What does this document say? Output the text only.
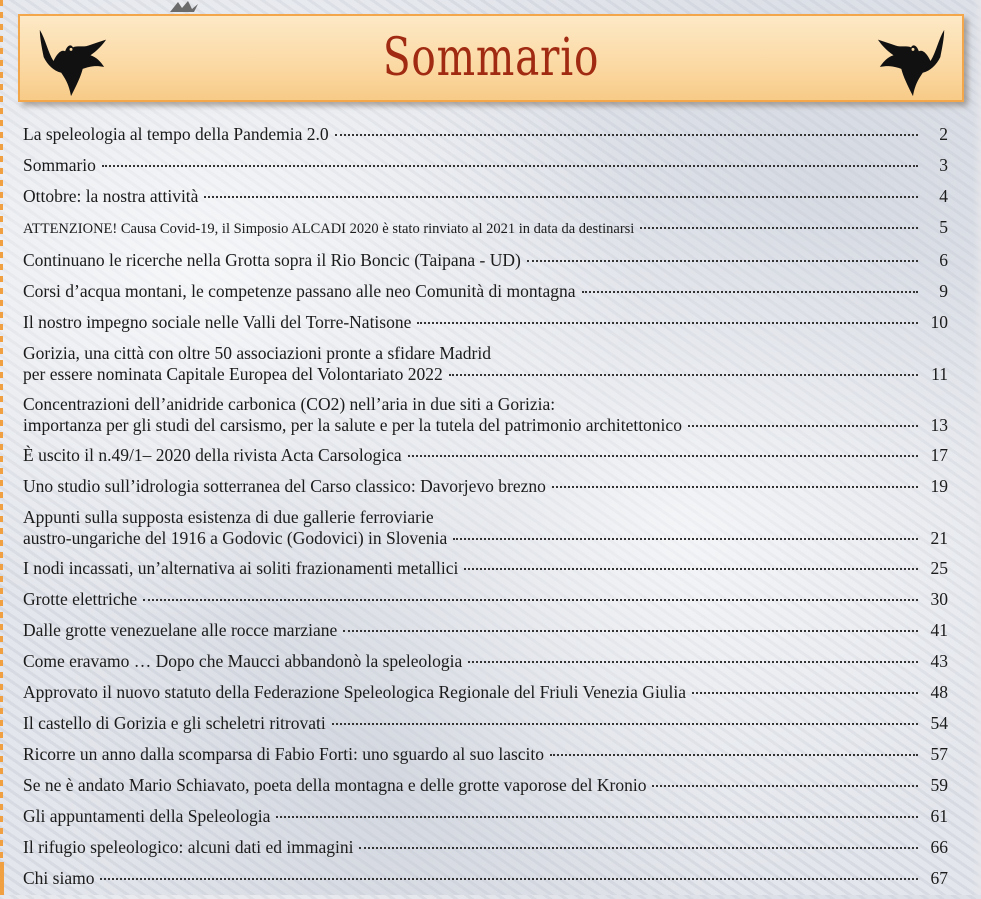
Sommario
La speleologia al tempo della Pandemia 2.0	2
Sommario	3
Ottobre: la nostra attività	4
ATTENZIONE! Causa Covid-19, il Simposio ALCADI 2020 è stato rinviato al 2021 in data da destinarsi	5
Continuano le ricerche nella Grotta sopra il Rio Boncic (Taipana - UD)	6
Corsi d’acqua montani, le competenze passano alle neo Comunità di montagna	9
Il nostro impegno sociale nelle Valli del Torre-Natisone	10
Gorizia, una città con oltre 50 associazioni pronte a sfidare Madrid
per essere nominata Capitale Europea del Volontariato 2022	11
Concentrazioni dell’anidride carbonica (CO2) nell’aria in due siti a Gorizia:
importanza per gli studi del carsismo, per la salute e per la tutela del patrimonio architettonico	13
È uscito il n.49/1– 2020 della rivista Acta Carsologica	17
Uno studio sull’idrologia sotterranea del Carso classico: Davorjevo brezno	19
Appunti sulla supposta esistenza di due gallerie ferroviarie
austro-ungariche del 1916 a Godovic (Godovici) in Slovenia	21
I nodi incassati, un’alternativa ai soliti frazionamenti metallici	25
Grotte elettriche	30
Dalle grotte venezuelane alle rocce marziane	41
Come eravamo … Dopo che Maucci abbandonò la speleologia	43
Approvato il nuovo statuto della Federazione Speleologica Regionale del Friuli Venezia Giulia	48
Il castello di Gorizia e gli scheletri ritrovati	54
Ricorre un anno dalla scomparsa di Fabio Forti: uno sguardo al suo lascito	57
Se ne è andato Mario Schiavato, poeta della montagna e delle grotte vaporose del Kronio	59
Gli appuntamenti della Speleologia	61
Il rifugio speleologico: alcuni dati ed immagini	66
Chi siamo	67
